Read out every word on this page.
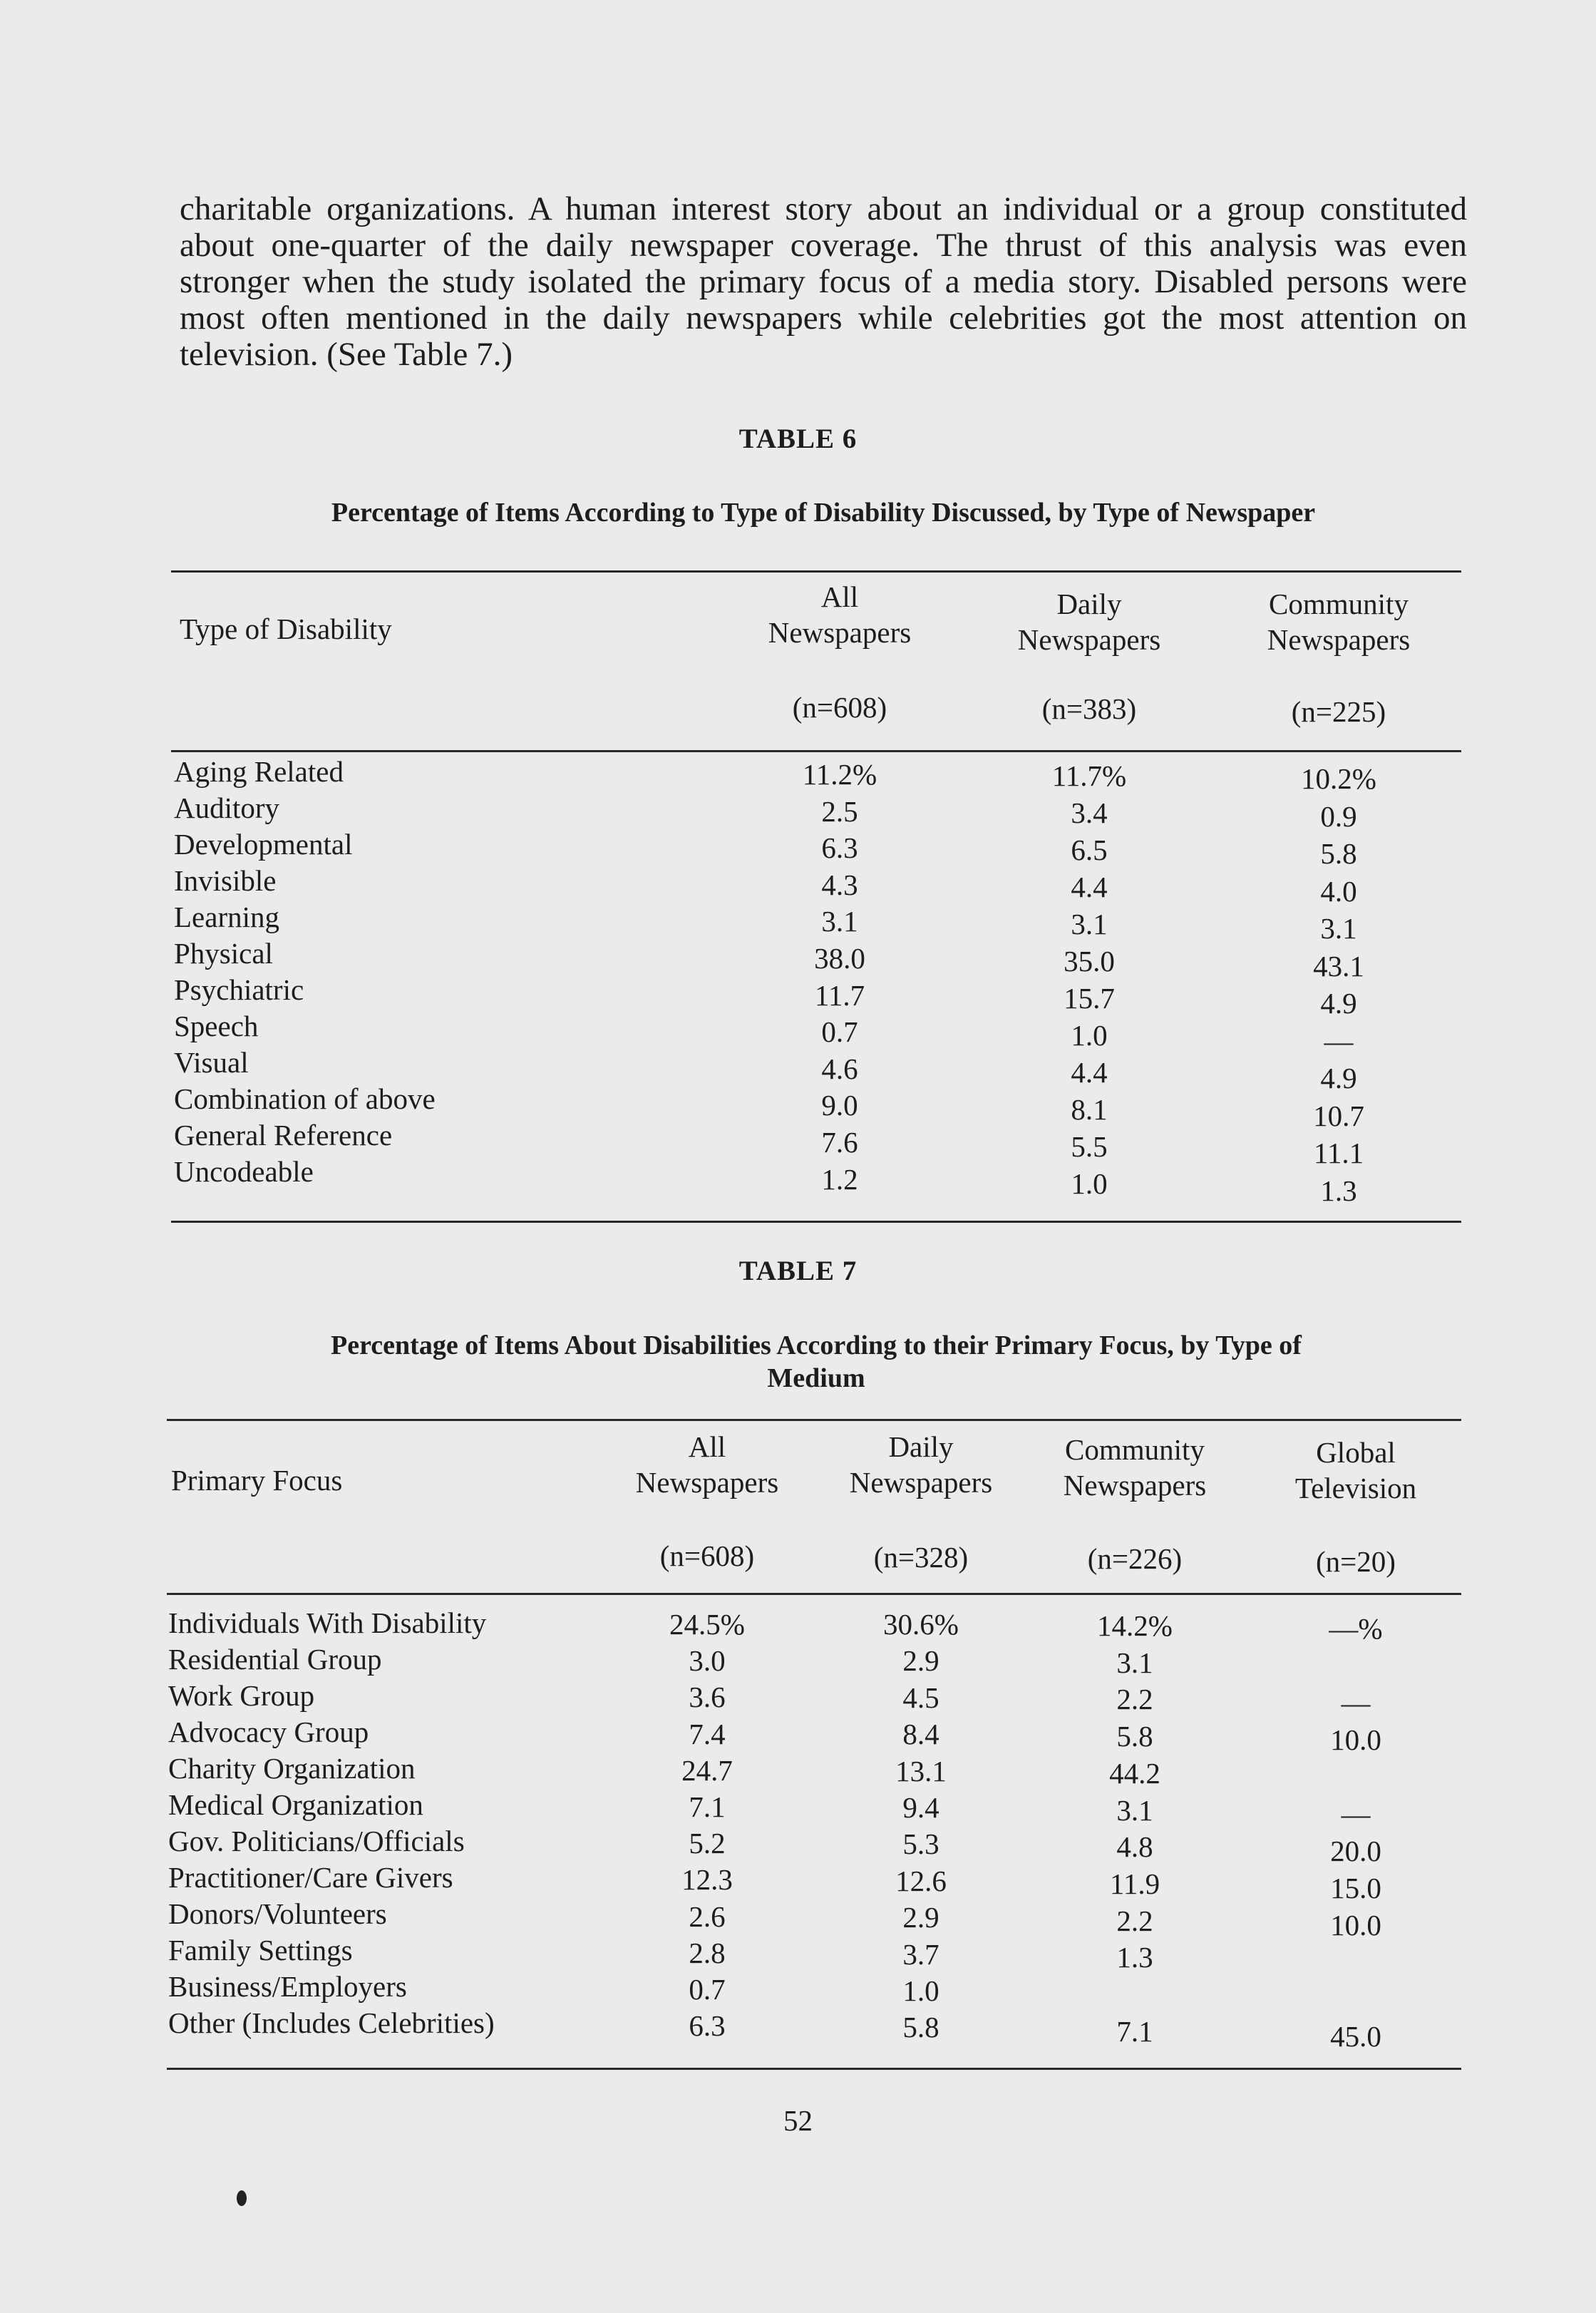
charitable organizations. A human interest story about an individual or a group constituted about one-quarter of the daily newspaper coverage. The thrust of this analysis was even stronger when the study isolated the primary focus of a media story. Disabled persons were most often mentioned in the daily newspapers while celebrities got the most attention on television. (See Table 7.)

TABLE 6
Percentage of Items According to Type of Disability Discussed, by Type of Newspaper
Type of Disability
All
Newspapers
Daily
Newspapers
Community
Newspapers
(n=608)	(n=383)	(n=225)
Aging Related	11.2%	11.7%	10.2%
Auditory	2.5	3.4	0.9
Developmental	6.3	6.5	5.8
Invisible	4.3	4.4	4.0
Learning	3.1	3.1	3.1
Physical	38.0	35.0	43.1
Psychiatric	11.7	15.7	4.9
Speech	0.7	1.0	—
Visual	4.6	4.4	4.9
Combination of above	9.0	8.1	10.7
General Reference	7.6	5.5	11.1
Uncodeable	1.2	1.0	1.3
TABLE 7
Percentage of Items About Disabilities According to their Primary Focus, by Type of
Medium
Primary Focus
All
Newspapers
Daily
Newspapers
Community
Newspapers
Global
Television
(n=608)	(n=328)	(n=226)	(n=20)
Individuals With Disability	24.5%	30.6%	14.2%	—%
Residential Group	3.0	2.9	3.1
Work Group	3.6	4.5	2.2	—
Advocacy Group	7.4	8.4	5.8	10.0
Charity Organization	24.7	13.1	44.2
Medical Organization	7.1	9.4	3.1	—
Gov. Politicians/Officials	5.2	5.3	4.8	20.0
Practitioner/Care Givers	12.3	12.6	11.9	15.0
Donors/Volunteers	2.6	2.9	2.2	10.0
Family Settings	2.8	3.7	1.3
Business/Employers	0.7	1.0
Other (Includes Celebrities)	6.3	5.8	7.1	45.0
52
